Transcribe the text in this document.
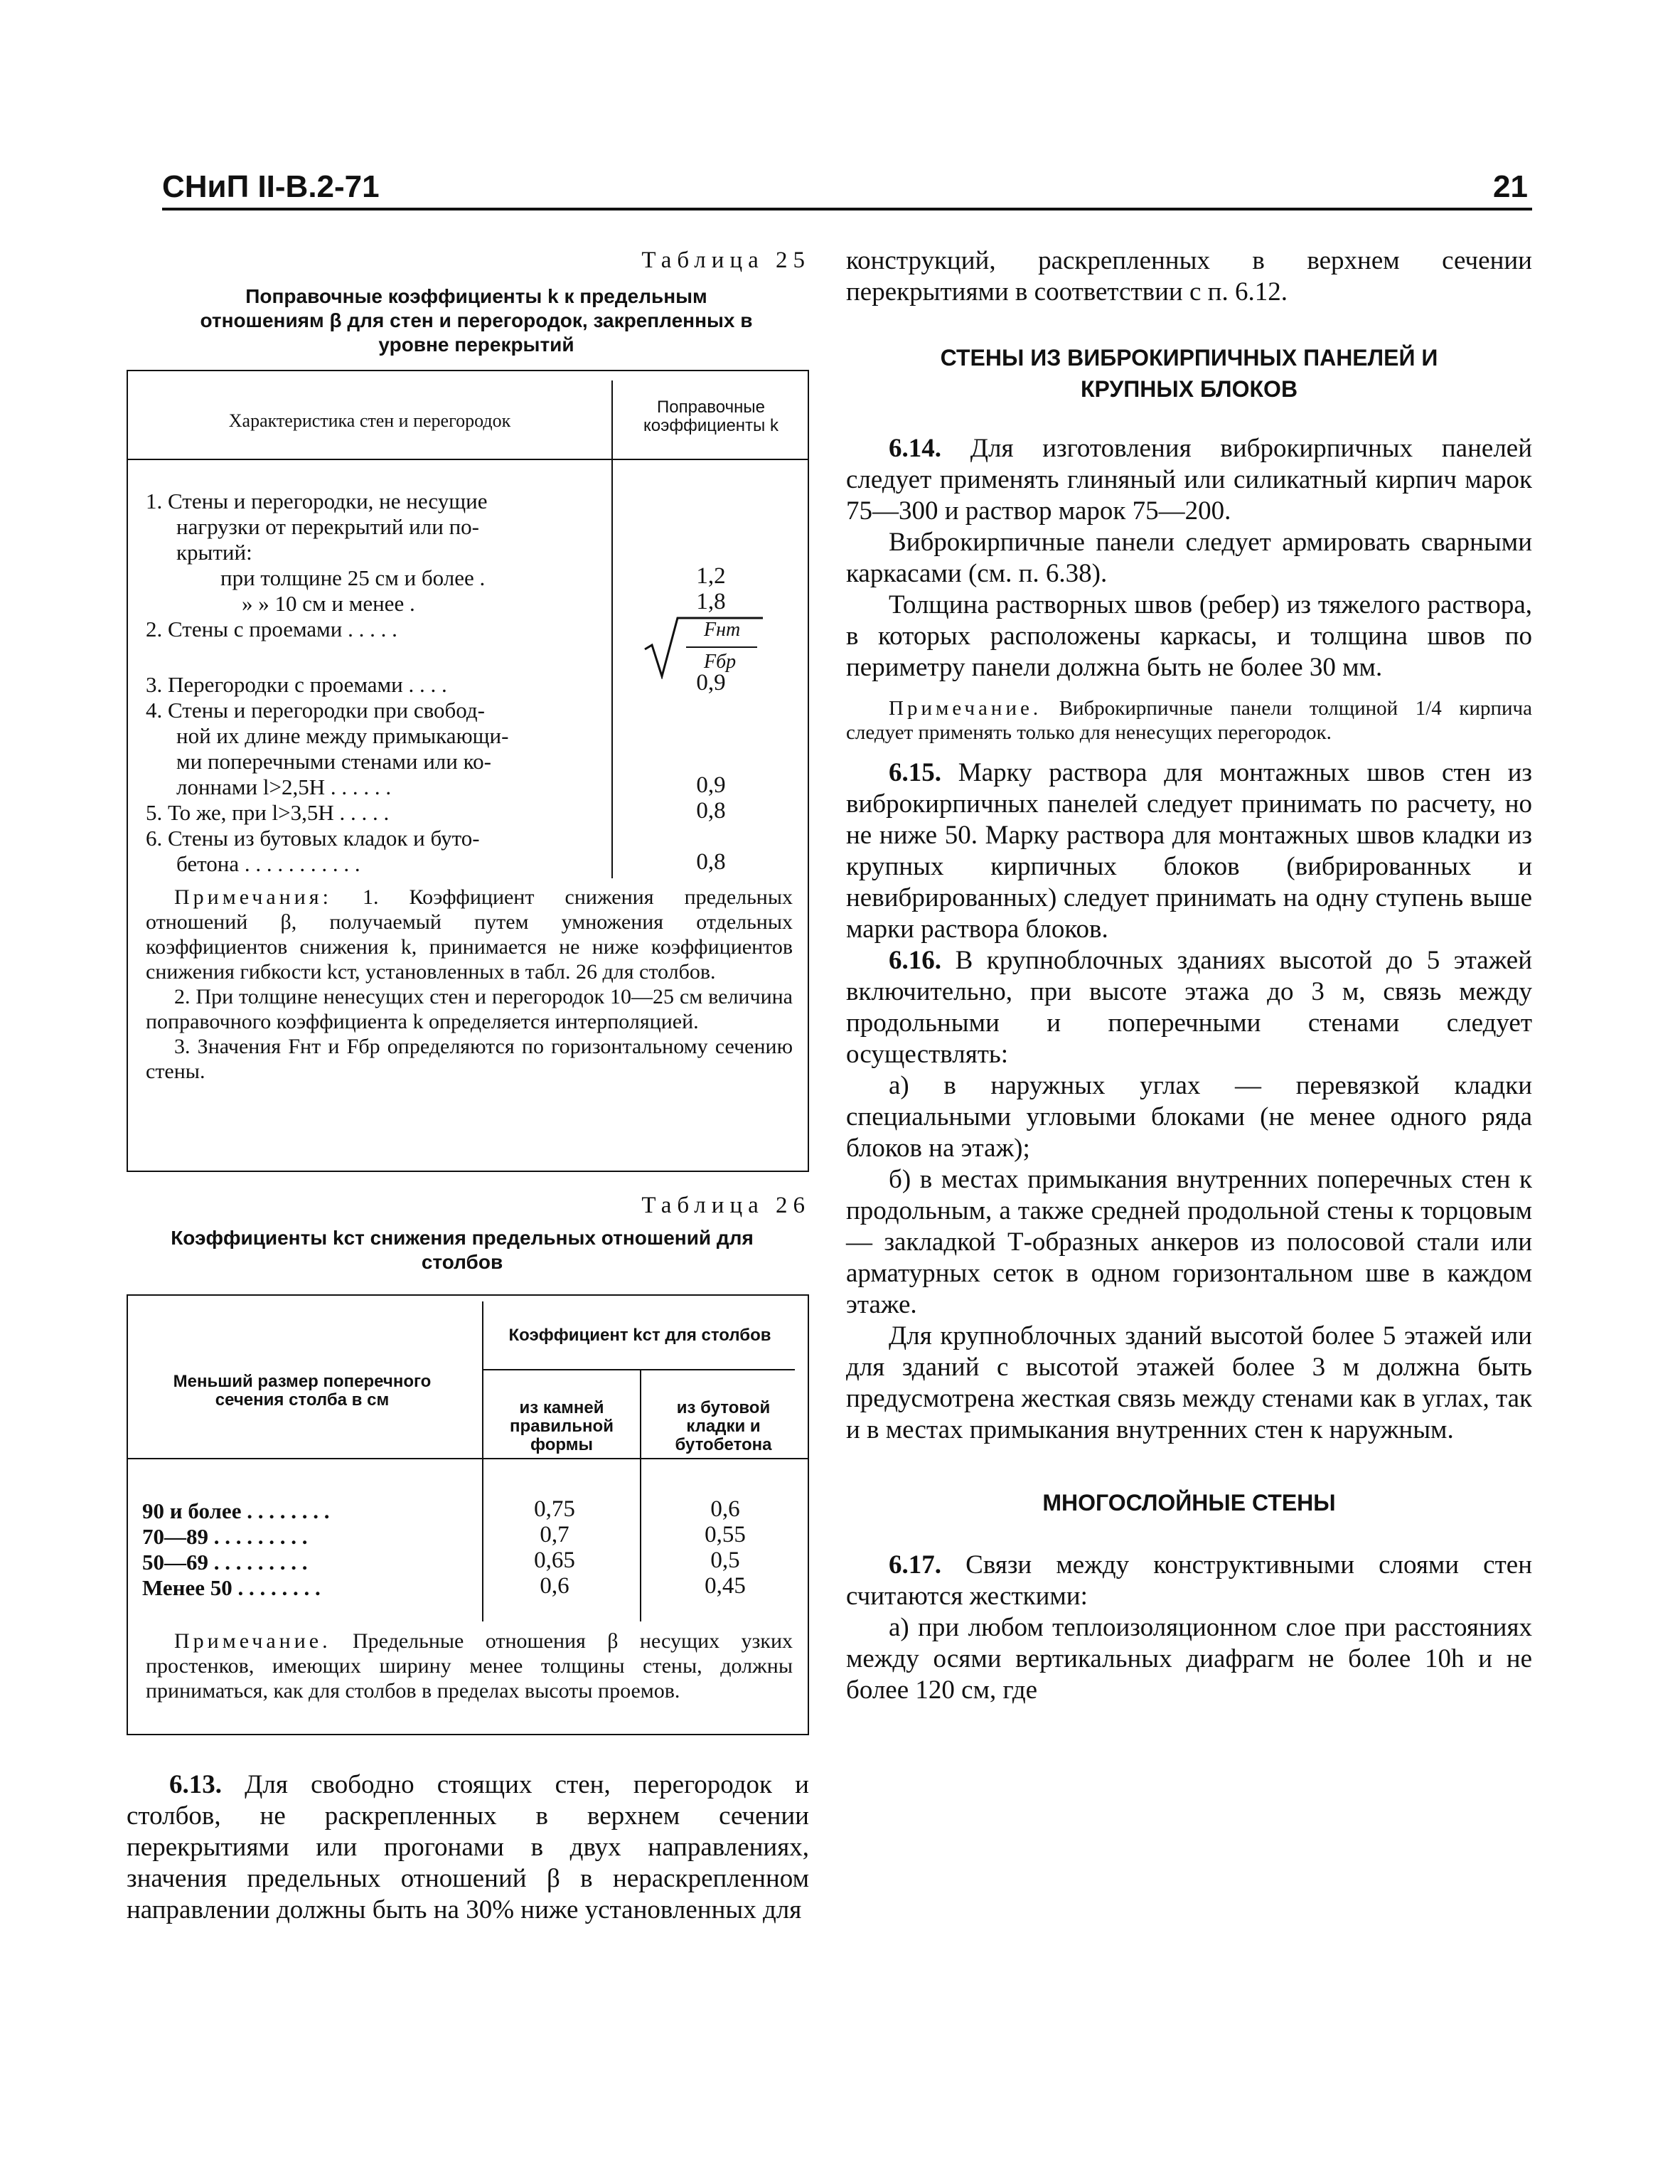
СНиП II-В.2-71	21
Таблица 25
Поправочные коэффициенты k к предельным отношениям β для стен и перегородок, закрепленных в уровне перекрытий
Характеристика стен и перегородок
Поправочные коэффициенты k
1. Стены и перегородки, не несущие
нагрузки от перекрытий или по-
крытий:
при толщине 25 см и более .	1,2
» » 10 см и менее .	1,8
2. Стены с проемами . . . . .	Fнт
Fбр
3. Перегородки с проемами . . . .	0,9
4. Стены и перегородки при свобод-
ной их длине между примыкающи-
ми поперечными стенами или ко-
лоннами l>2,5H . . . . . .	0,9
5. То же, при l>3,5H . . . . .	0,8
6. Стены из бутовых кладок и буто-
бетона . . . . . . . . . . .	0,8

Примечания: 1. Коэффициент снижения предельных отношений β, получаемый путем умножения отдельных коэффициентов снижения k, принимается не ниже коэффициентов снижения гибкости kст, установленных в табл. 26 для столбов.

2. При толщине ненесущих стен и перегородок 10—25 см величина поправочного коэффициента k определяется интерполяцией.

3. Значения Fнт и Fбр определяются по горизонтальному сечению стены.

Таблица 26
Коэффициенты kст снижения предельных отношений для столбов
Меньший размер поперечного сечения столба в см
Коэффициент kст для столбов
из камней правильной формы
из бутовой кладки и бутобетона
90 и более . . . . . . . .	0,75	0,6
70—89 . . . . . . . . .	0,7	0,55
50—69 . . . . . . . . .	0,65	0,5
Менее 50 . . . . . . . .	0,6	0,45

Примечание. Предельные отношения β несущих узких простенков, имеющих ширину менее толщины стены, должны приниматься, как для столбов в пределах высоты проемов.

6.13. Для свободно стоящих стен, перегородок и столбов, не раскрепленных в верхнем сечении перекрытиями или прогонами в двух направлениях, значения предельных отношений β в нераскрепленном направлении должны быть на 30% ниже установленных для

конструкций, раскрепленных в верхнем сечении перекрытиями в соответствии с п. 6.12.

СТЕНЫ ИЗ ВИБРОКИРПИЧНЫХ ПАНЕЛЕЙ И КРУПНЫХ БЛОКОВ

6.14. Для изготовления виброкирпичных панелей следует применять глиняный или силикатный кирпич марок 75—300 и раствор марок 75—200.

Виброкирпичные панели следует армировать сварными каркасами (см. п. 6.38).

Толщина растворных швов (ребер) из тяжелого раствора, в которых расположены каркасы, и толщина швов по периметру панели должна быть не более 30 мм.

Примечание. Виброкирпичные панели толщиной 1/4 кирпича следует применять только для ненесущих перегородок.

6.15. Марку раствора для монтажных швов стен из виброкирпичных панелей следует принимать по расчету, но не ниже 50. Марку раствора для монтажных швов кладки из крупных кирпичных блоков (вибрированных и невибрированных) следует принимать на одну ступень выше марки раствора блоков.

6.16. В крупноблочных зданиях высотой до 5 этажей включительно, при высоте этажа до 3 м, связь между продольными и поперечными стенами следует осуществлять:

а) в наружных углах — перевязкой кладки специальными угловыми блоками (не менее одного ряда блоков на этаж);

б) в местах примыкания внутренних поперечных стен к продольным, а также средней продольной стены к торцовым — закладкой Т-образных анкеров из полосовой стали или арматурных сеток в одном горизонтальном шве в каждом этаже.

Для крупноблочных зданий высотой более 5 этажей или для зданий с высотой этажей более 3 м должна быть предусмотрена жесткая связь между стенами как в углах, так и в местах примыкания внутренних стен к наружным.

МНОГОСЛОЙНЫЕ СТЕНЫ

6.17. Связи между конструктивными слоями стен считаются жесткими:

а) при любом теплоизоляционном слое при расстояниях между осями вертикальных диафрагм не более 10h и не более 120 см, где
